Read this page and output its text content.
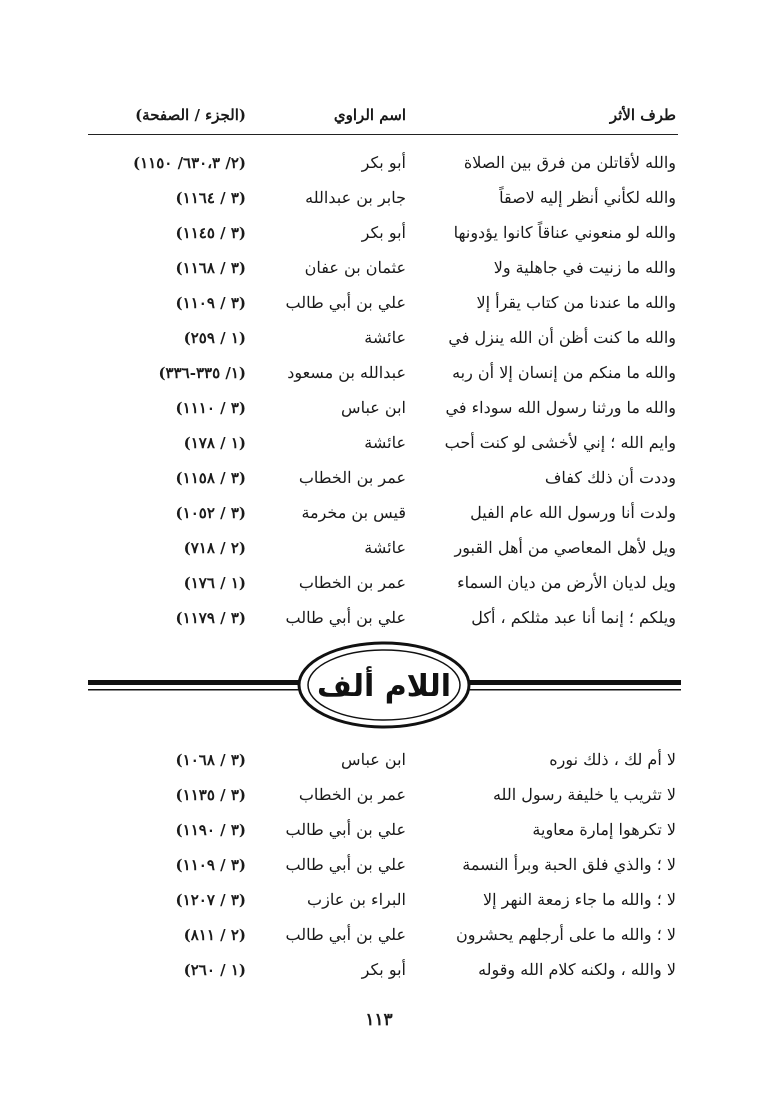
طرف الأثر
اسم الراوي
(الجزء / الصفحة)
والله لأقاتلن من فرق بين الصلاة
أبو بكر
(٢/ ٦٣٠،٣/ ١١٥٠)
والله لكأني أنظر إليه لاصقاً
جابر بن عبدالله
(٣ / ١١٦٤)
والله لو منعوني عناقاً كانوا يؤدونها
أبو بكر
(٣ / ١١٤٥)
والله ما زنيت في جاهلية ولا
عثمان بن عفان
(٣ / ١١٦٨)
والله ما عندنا من كتاب يقرأ إلا
علي بن أبي طالب
(٣ / ١١٠٩)
والله ما كنت أظن أن الله ينزل في
عائشة
(١ / ٢٥٩)
والله ما منكم من إنسان إلا أن ربه
عبدالله بن مسعود
(١/ ٣٣٥-٣٣٦)
والله ما ورثنا رسول الله سوداء في
ابن عباس
(٣ / ١١١٠)
وايم الله ؛ إني لأخشى لو كنت أحب
عائشة
(١ / ١٧٨)
وددت أن ذلك كفاف
عمر بن الخطاب
(٣ / ١١٥٨)
ولدت أنا ورسول الله عام الفيل
قيس بن مخرمة
(٣ / ١٠٥٢)
ويل لأهل المعاصي من أهل القبور
عائشة
(٢ / ٧١٨)
ويل لديان الأرض من ديان السماء
عمر بن الخطاب
(١ / ١٧٦)
ويلكم ؛ إنما أنا عبد مثلكم ، أكل
علي بن أبي طالب
(٣ / ١١٧٩)
اللام ألف
لا أم لك ، ذلك نوره
ابن عباس
(٣ / ١٠٦٨)
لا تثريب يا خليفة رسول الله
عمر بن الخطاب
(٣ / ١١٣٥)
لا تكرهوا إمارة معاوية
علي بن أبي طالب
(٣ / ١١٩٠)
لا ؛ والذي فلق الحبة وبرأ النسمة
علي بن أبي طالب
(٣ / ١١٠٩)
لا ؛ والله ما جاء زمعة النهر إلا
البراء بن عازب
(٣ / ١٢٠٧)
لا ؛ والله ما على أرجلهم يحشرون
علي بن أبي طالب
(٢ / ٨١١)
لا والله ، ولكنه كلام الله وقوله
أبو بكر
(١ / ٢٦٠)
١١٣
